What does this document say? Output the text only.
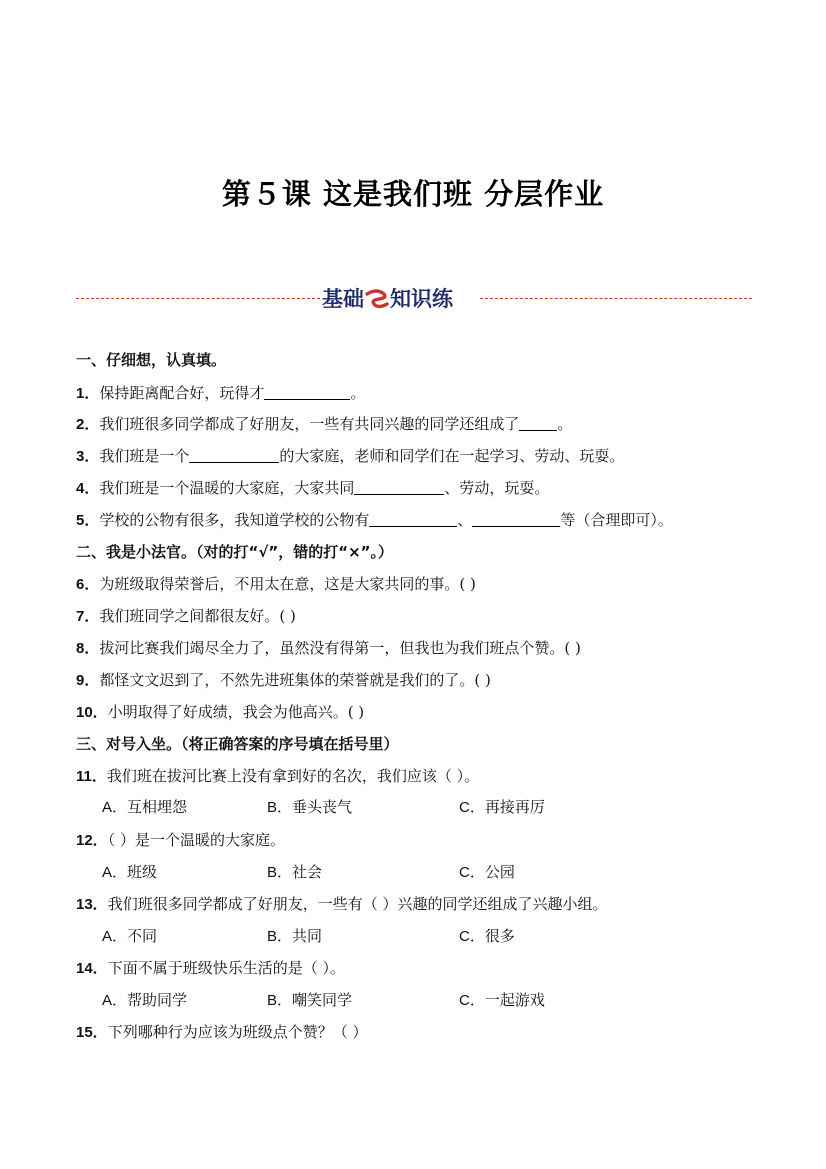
第５课 这是我们班 分层作业
基础 知识练
一、仔细想，认真填。
1．保持距离配合好，玩得才	。
2．我们班很多同学都成了好朋友，一些有共同兴趣的同学还组成了	。
3．我们班是一个	的大家庭，老师和同学们在一起学习、劳动、玩耍。
4．我们班是一个温暖的大家庭，大家共同	、劳动，玩耍。
5．学校的公物有很多，我知道学校的公物有	、	等（合理即可）。
二、我是小法官。（对的打“√”，错的打“×”。）
6．为班级取得荣誉后，不用太在意，这是大家共同的事。( )
7．我们班同学之间都很友好。( )
8．拔河比赛我们竭尽全力了，虽然没有得第一，但我也为我们班点个赞。( )
9．都怪文文迟到了，不然先进班集体的荣誉就是我们的了。( )
10．小明取得了好成绩，我会为他高兴。( )
三、对号入坐。（将正确答案的序号填在括号里）
11．我们班在拔河比赛上没有拿到好的名次，我们应该（ ）。
A．互相埋怨	B．垂头丧气	C．再接再厉
12．（ ）是一个温暖的大家庭。
A．班级	B．社会	C．公园
13．我们班很多同学都成了好朋友，一些有（ ）兴趣的同学还组成了兴趣小组。
A．不同	B．共同	C．很多
14．下面不属于班级快乐生活的是（ ）。
A．帮助同学	B．嘲笑同学	C．一起游戏
15．下列哪种行为应该为班级点个赞？（ ）
